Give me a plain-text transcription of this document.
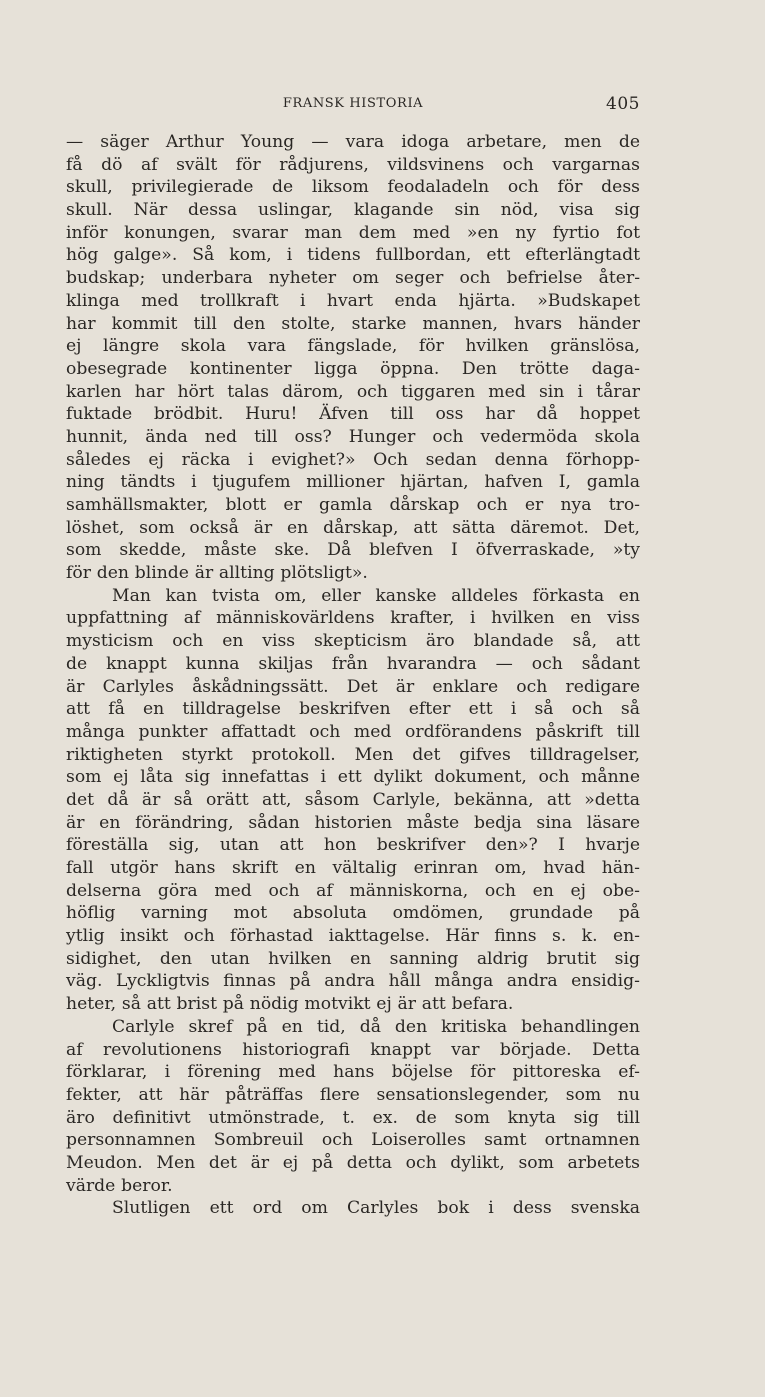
FRANSK HISTORIA	405
— säger Arthur Young — vara idoga arbetare, men de
få dö af svält för rådjurens, vildsvinens och vargarnas
skull, privilegierade de liksom feodaladeln och för dess
skull. När dessa uslingar, klagande sin nöd, visa sig
inför konungen, svarar man dem med »en ny fyrtio fot
hög galge». Så kom, i tidens fullbordan, ett efterlängtadt
budskap; underbara nyheter om seger och befrielse åter-
klinga med trollkraft i hvart enda hjärta. »Budskapet
har kommit till den stolte, starke mannen, hvars händer
ej längre skola vara fängslade, för hvilken gränslösa,
obesegrade kontinenter ligga öppna. Den trötte daga-
karlen har hört talas därom, och tiggaren med sin i tårar
fuktade brödbit. Huru! Äfven till oss har då hoppet
hunnit, ända ned till oss? Hunger och vedermöda skola
således ej räcka i evighet?» Och sedan denna förhopp-
ning tändts i tjugufem millioner hjärtan, hafven I, gamla
samhällsmakter, blott er gamla dårskap och er nya tro-
löshet, som också är en dårskap, att sätta däremot. Det,
som skedde, måste ske. Då blefven I öfverraskade, »ty
för den blinde är allting plötsligt».
Man kan tvista om, eller kanske alldeles förkasta en
uppfattning af människovärldens krafter, i hvilken en viss
mysticism och en viss skepticism äro blandade så, att
de knappt kunna skiljas från hvarandra — och sådant
är Carlyles åskådningssätt. Det är enklare och redigare
att få en tilldragelse beskrifven efter ett i så och så
många punkter affattadt och med ordförandens påskrift till
riktigheten styrkt protokoll. Men det gifves tilldragelser,
som ej låta sig innefattas i ett dylikt dokument, och månne
det då är så orätt att, såsom Carlyle, bekänna, att »detta
är en förändring, sådan historien måste bedja sina läsare
föreställa sig, utan att hon beskrifver den»? I hvarje
fall utgör hans skrift en vältalig erinran om, hvad hän-
delserna göra med och af människorna, och en ej obe-
höflig varning mot absoluta omdömen, grundade på
ytlig insikt och förhastad iakttagelse. Här finns s. k. en-
sidighet, den utan hvilken en sanning aldrig brutit sig
väg. Lyckligtvis finnas på andra håll många andra ensidig-
heter, så att brist på nödig motvikt ej är att befara.
Carlyle skref på en tid, då den kritiska behandlingen
af revolutionens historiografi knappt var började. Detta
förklarar, i förening med hans böjelse för pittoreska ef-
fekter, att här påträffas flere sensationslegender, som nu
äro definitivt utmönstrade, t. ex. de som knyta sig till
personnamnen Sombreuil och Loiserolles samt ortnamnen
Meudon. Men det är ej på detta och dylikt, som arbetets
värde beror.
Slutligen ett ord om Carlyles bok i dess svenska
